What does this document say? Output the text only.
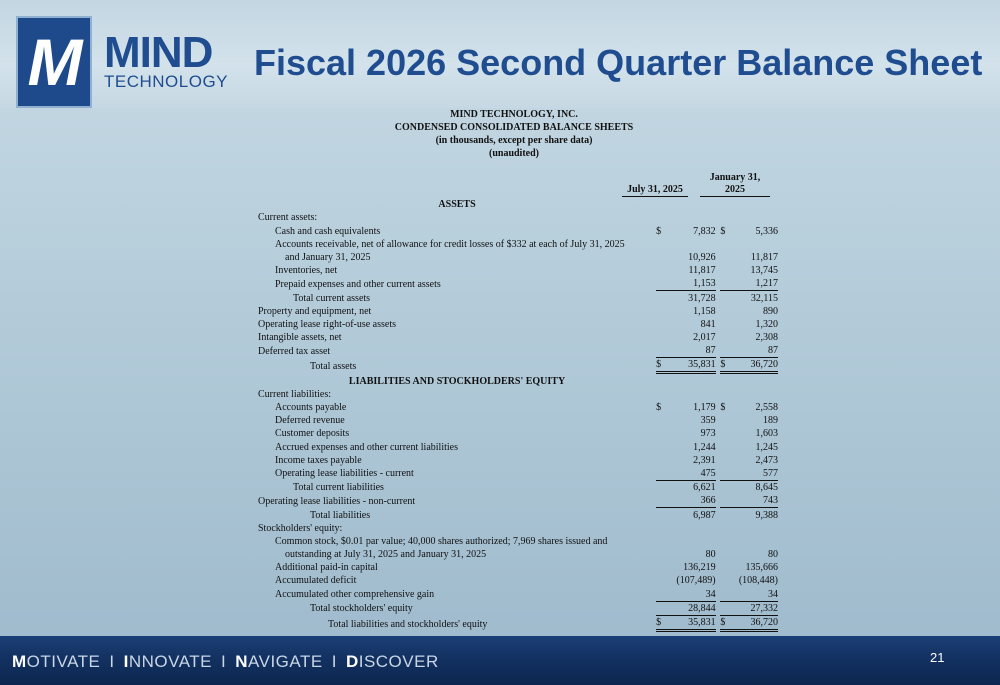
M MIND
TECHNOLOGY Fiscal 2026 Second Quarter Balance Sheet
MIND TECHNOLOGY, INC.
CONDENSED CONSOLIDATED BALANCE SHEETS
(in thousands, except per share data)
(unaudited)
July 31, 2025
January 31,
2025
ASSETS					
Current assets:					
Cash and cash equivalents	$	7,832		$	5,336
Accounts receivable, net of allowance for credit losses of $332 at each of July 31, 2025					
and January 31, 2025		10,926			11,817
Inventories, net		11,817			13,745
Prepaid expenses and other current assets		1,153			1,217
Total current assets		31,728			32,115
Property and equipment, net		1,158			890
Operating lease right-of-use assets		841			1,320
Intangible assets, net		2,017			2,308
Deferred tax asset		87			87
Total assets	$	35,831		$	36,720
LIABILITIES AND STOCKHOLDERS' EQUITY					
Current liabilities:					
Accounts payable	$	1,179		$	2,558
Deferred revenue		359			189
Customer deposits		973			1,603
Accrued expenses and other current liabilities		1,244			1,245
Income taxes payable		2,391			2,473
Operating lease liabilities - current		475			577
Total current liabilities		6,621			8,645
Operating lease liabilities - non-current		366			743
Total liabilities		6,987			9,388
Stockholders' equity:					
Common stock, $0.01 par value; 40,000 shares authorized; 7,969 shares issued and					
outstanding at July 31, 2025 and January 31, 2025		80			80
Additional paid-in capital		136,219			135,666
Accumulated deficit		(107,489)			(108,448)
Accumulated other comprehensive gain		34			34
Total stockholders' equity		28,844			27,332
Total liabilities and stockholders' equity	$	35,831		$	36,720
MOTIVATE I INNOVATE I NAVIGATE I DISCOVER	21
